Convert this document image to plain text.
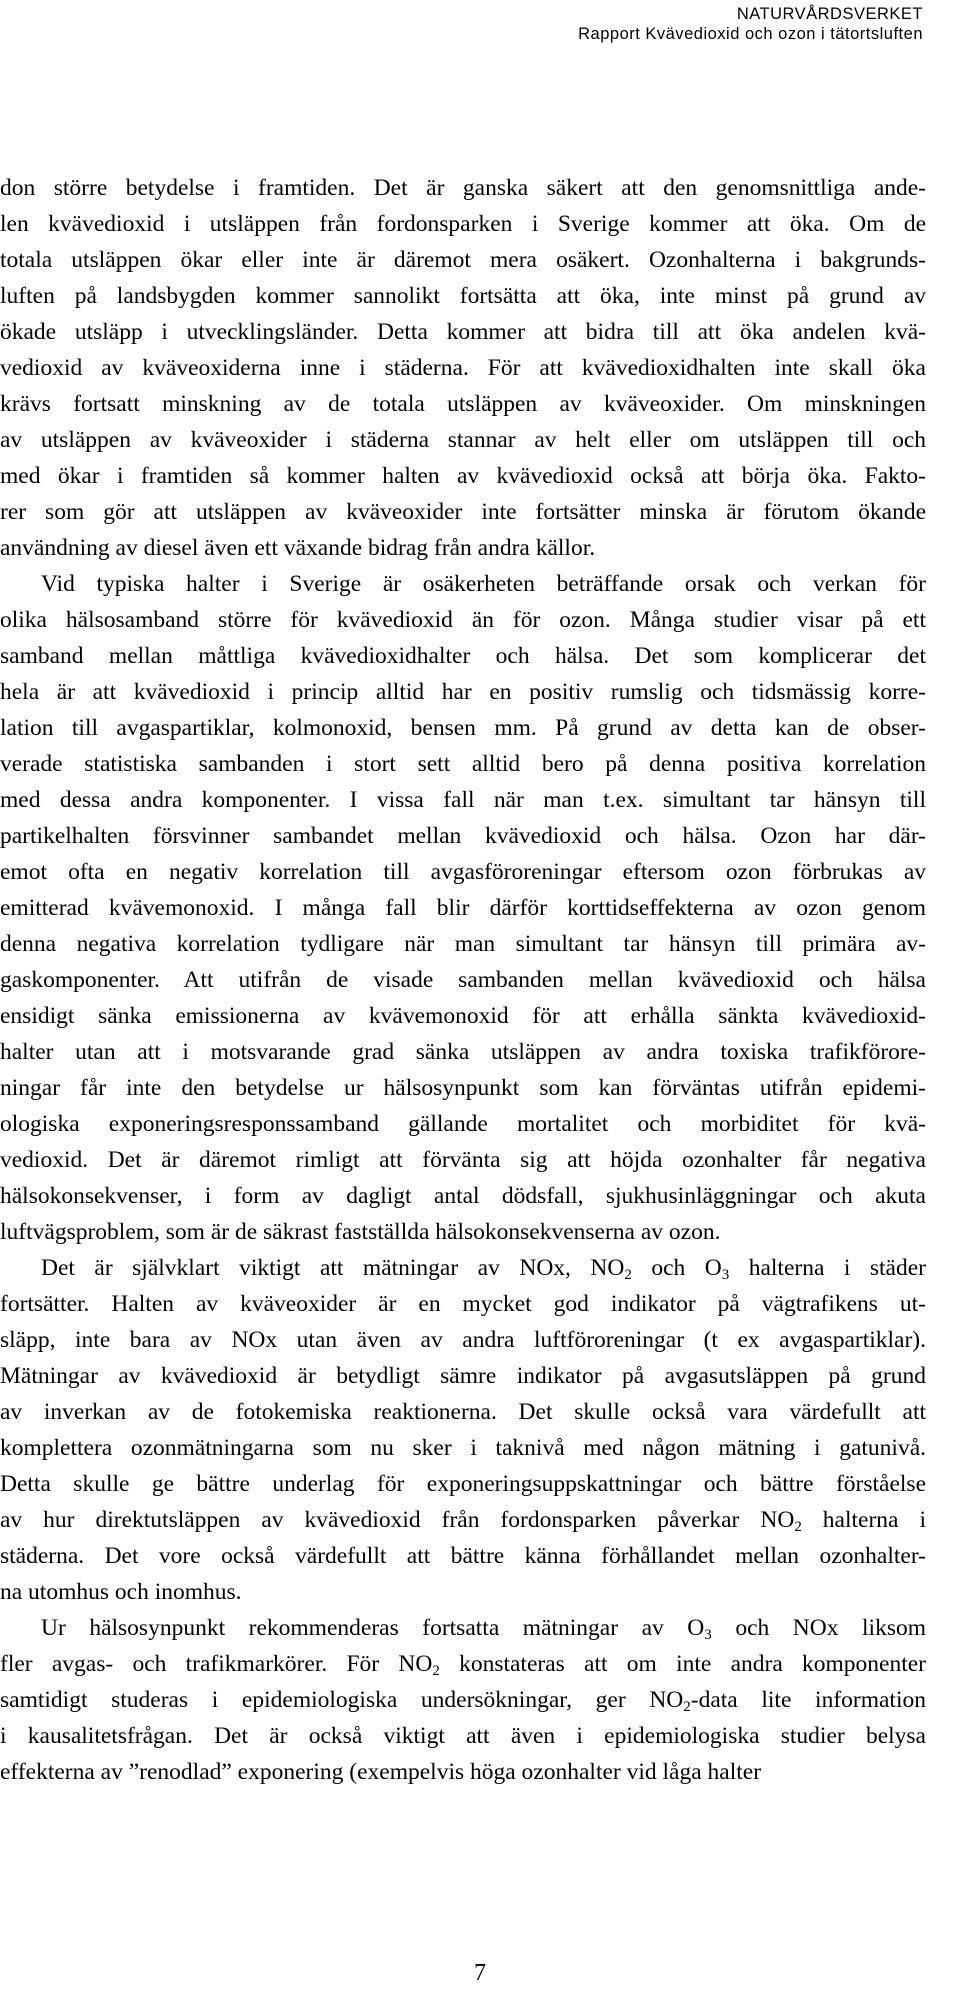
NATURVÅRDSVERKET
Rapport Kvävedioxid och ozon i tätortsluften
don större betydelse i framtiden. Det är ganska säkert att den genomsnittliga ande-
len kvävedioxid i utsläppen från fordonsparken i Sverige kommer att öka. Om de
totala utsläppen ökar eller inte är däremot mera osäkert. Ozonhalterna i bakgrunds-
luften på landsbygden kommer sannolikt fortsätta att öka, inte minst på grund av
ökade utsläpp i utvecklingsländer. Detta kommer att bidra till att öka andelen kvä-
vedioxid av kväveoxiderna inne i städerna. För att kvävedioxidhalten inte skall öka
krävs fortsatt minskning av de totala utsläppen av kväveoxider. Om minskningen
av utsläppen av kväveoxider i städerna stannar av helt eller om utsläppen till och
med ökar i framtiden så kommer halten av kvävedioxid också att börja öka. Fakto-
rer som gör att utsläppen av kväveoxider inte fortsätter minska är förutom ökande
användning av diesel även ett växande bidrag från andra källor.
Vid typiska halter i Sverige är osäkerheten beträffande orsak och verkan för
olika hälsosamband större för kvävedioxid än för ozon. Många studier visar på ett
samband mellan måttliga kvävedioxidhalter och hälsa. Det som komplicerar det
hela är att kvävedioxid i princip alltid har en positiv rumslig och tidsmässig korre-
lation till avgaspartiklar, kolmonoxid, bensen mm. På grund av detta kan de obser-
verade statistiska sambanden i stort sett alltid bero på denna positiva korrelation
med dessa andra komponenter. I vissa fall när man t.ex. simultant tar hänsyn till
partikelhalten försvinner sambandet mellan kvävedioxid och hälsa. Ozon har där-
emot ofta en negativ korrelation till avgasföroreningar eftersom ozon förbrukas av
emitterad kvävemonoxid. I många fall blir därför korttidseffekterna av ozon genom
denna negativa korrelation tydligare när man simultant tar hänsyn till primära av-
gaskomponenter. Att utifrån de visade sambanden mellan kvävedioxid och hälsa
ensidigt sänka emissionerna av kvävemonoxid för att erhålla sänkta kvävedioxid-
halter utan att i motsvarande grad sänka utsläppen av andra toxiska trafikförore-
ningar får inte den betydelse ur hälsosynpunkt som kan förväntas utifrån epidemi-
ologiska exponeringsresponssamband gällande mortalitet och morbiditet för kvä-
vedioxid. Det är däremot rimligt att förvänta sig att höjda ozonhalter får negativa
hälsokonsekvenser, i form av dagligt antal dödsfall, sjukhusinläggningar och akuta
luftvägsproblem, som är de säkrast fastställda hälsokonsekvenserna av ozon.
Det är självklart viktigt att mätningar av NOx, $NO_2$ och $O_3$ halterna i städer
fortsätter. Halten av kväveoxider är en mycket god indikator på vägtrafikens ut-
släpp, inte bara av NOx utan även av andra luftföroreningar (t ex avgaspartiklar).
Mätningar av kvävedioxid är betydligt sämre indikator på avgasutsläppen på grund
av inverkan av de fotokemiska reaktionerna. Det skulle också vara värdefullt att
komplettera ozonmätningarna som nu sker i taknivå med någon mätning i gatunivå.
Detta skulle ge bättre underlag för exponeringsuppskattningar och bättre förståelse
av hur direktutsläppen av kvävedioxid från fordonsparken påverkar $NO_2$ halterna i
städerna. Det vore också värdefullt att bättre känna förhållandet mellan ozonhalter-
na utomhus och inomhus.
Ur hälsosynpunkt rekommenderas fortsatta mätningar av $O_3$ och NOx liksom
fler avgas- och trafikmarkörer. För $NO_2$ konstateras att om inte andra komponenter
samtidigt studeras i epidemiologiska undersökningar, ger $NO_2$-data lite information
i kausalitetsfrågan. Det är också viktigt att även i epidemiologiska studier belysa
effekterna av ”renodlad” exponering (exempelvis höga ozonhalter vid låga halter
7
